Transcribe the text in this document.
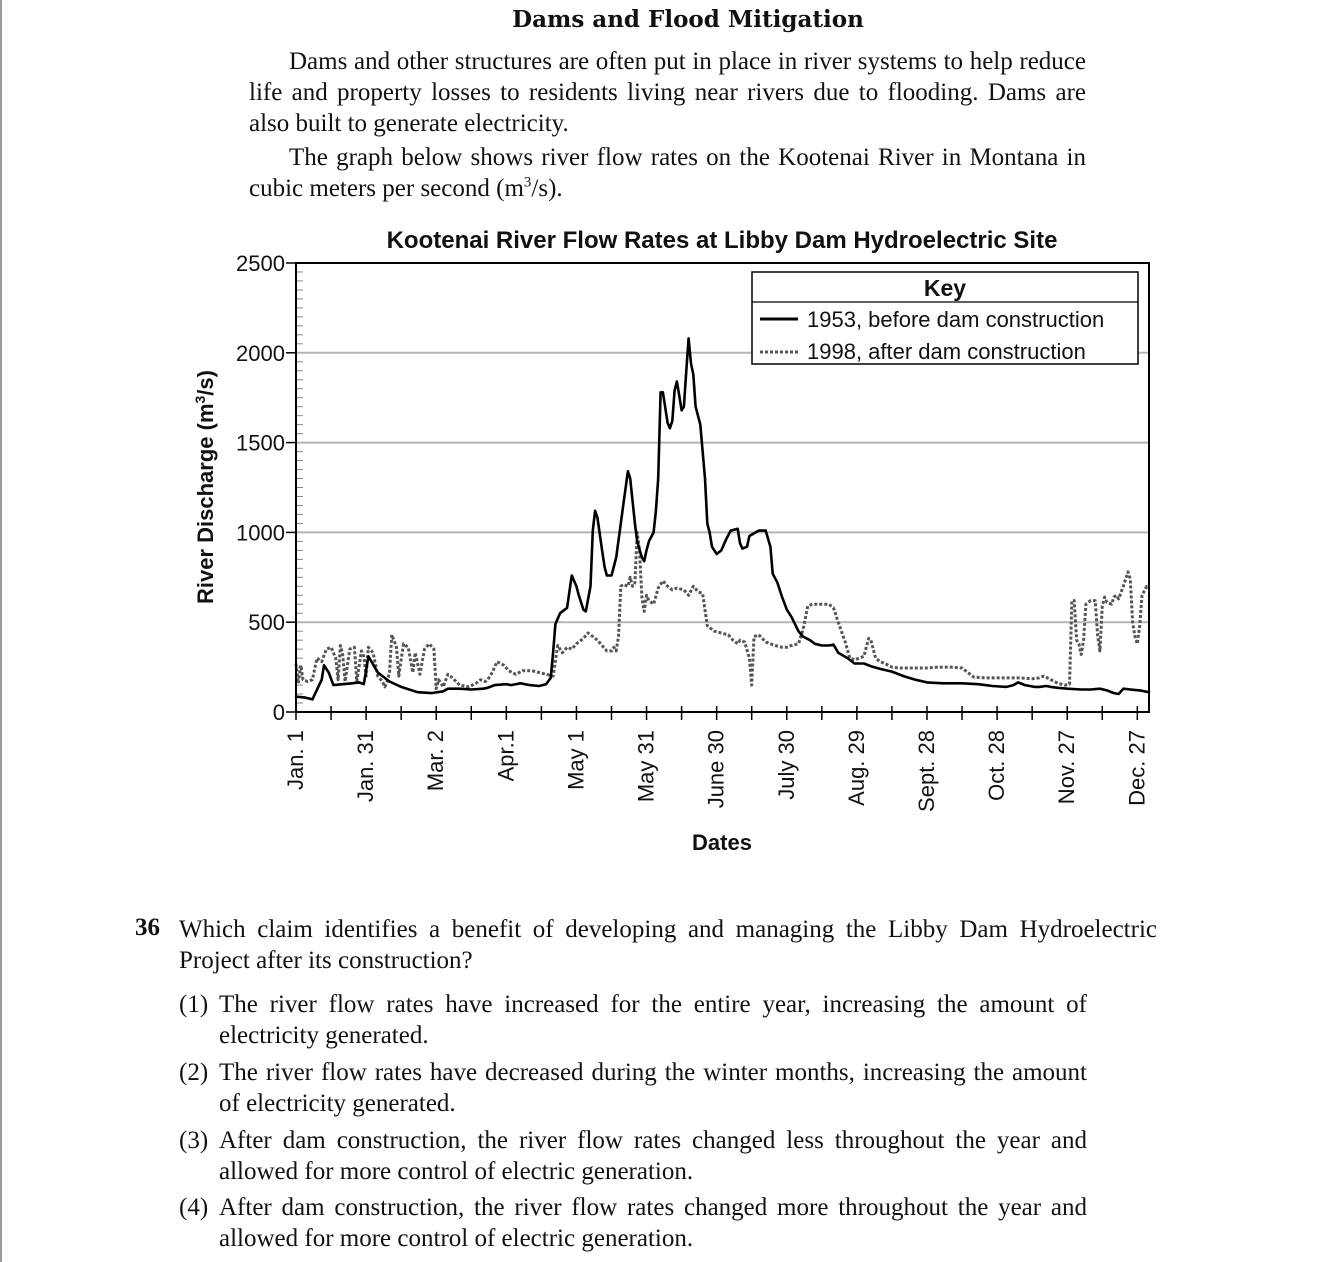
Dams and Flood Mitigation

Dams and other structures are often put in place in river systems to help reduce life and property losses to residents living near rivers due to flooding. Dams are also built to generate electricity.

The graph below shows river flow rates on the Kootenai River in Montana in cubic meters per second $(m^3/s)$.

Kootenai River Flow Rates at Libby Dam Hydroelectric Site
0
500
1000
1500
2000
2500
Jan. 1 Jan. 31 Mar. 2 Apr.1 May 1 May 31 June 30 July 30 Aug. 29 Sept. 28 Oct. 28 Nov. 27 Dec. 27
River Discharge $(m^3/s)$
Dates
Key
1953, before dam construction
1998, after dam construction
36 Which claim identifies a benefit of developing and managing the Libby Dam Hydroelectric Project after its construction?
(1) The river flow rates have increased for the entire year, increasing the amount of electricity generated.
(2) The river flow rates have decreased during the winter months, increasing the amount of electricity generated.
(3) After dam construction, the river flow rates changed less throughout the year and allowed for more control of electric generation.
(4) After dam construction, the river flow rates changed more throughout the year and allowed for more control of electric generation.
